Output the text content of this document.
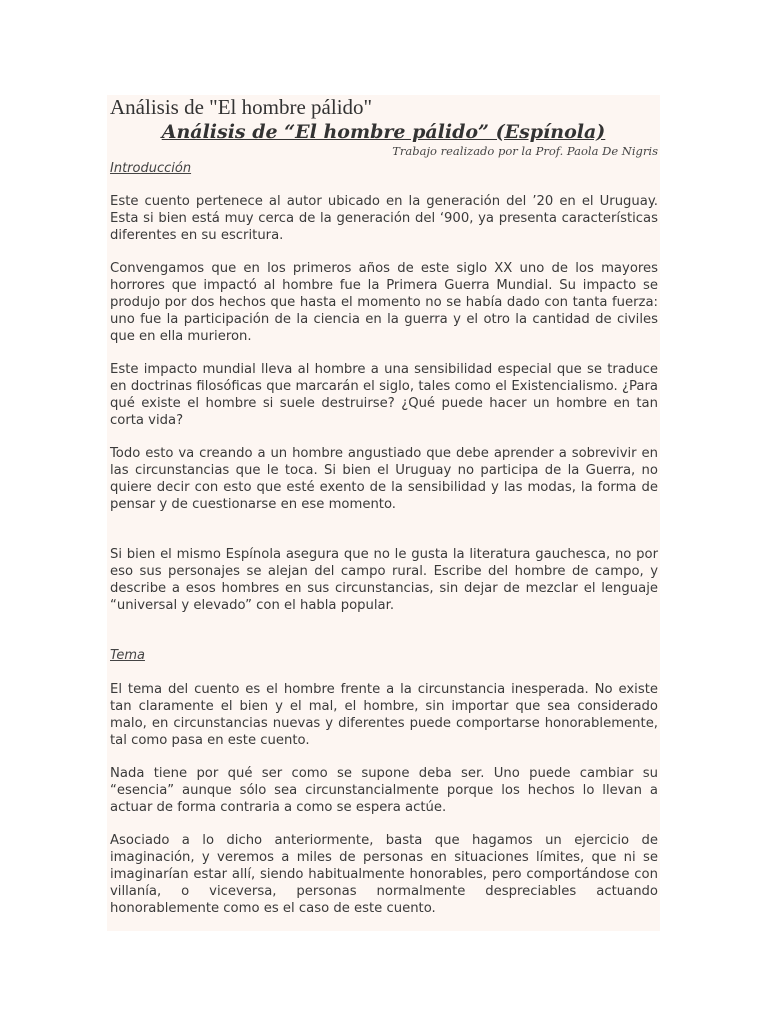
Análisis de "El hombre pálido"
Análisis de “El hombre pálido” (Espínola)
Trabajo realizado por la Prof. Paola De Nigris
Introducción

Este cuento pertenece al autor ubicado en la generación del ’20 en el Uruguay. Esta si bien está muy cerca de la generación del ‘900, ya presenta características diferentes en su escritura.

Convengamos que en los primeros años de este siglo XX uno de los mayores horrores que impactó al hombre fue la Primera Guerra Mundial. Su impacto se produjo por dos hechos que hasta el momento no se había dado con tanta fuerza: uno fue la participación de la ciencia en la guerra y el otro la cantidad de civiles que en ella murieron.

Este impacto mundial lleva al hombre a una sensibilidad especial que se traduce en doctrinas filosóficas que marcarán el siglo, tales como el Existencialismo. ¿Para qué existe el hombre si suele destruirse? ¿Qué puede hacer un hombre en tan corta vida?

Todo esto va creando a un hombre angustiado que debe aprender a sobrevivir en las circunstancias que le toca. Si bien el Uruguay no participa de la Guerra, no quiere decir con esto que esté exento de la sensibilidad y las modas, la forma de pensar y de cuestionarse en ese momento.

Si bien el mismo Espínola asegura que no le gusta la literatura gauchesca, no por eso sus personajes se alejan del campo rural. Escribe del hombre de campo, y describe a esos hombres en sus circunstancias, sin dejar de mezclar el lenguaje “universal y elevado” con el habla popular.

Tema

El tema del cuento es el hombre frente a la circunstancia inesperada. No existe tan claramente el bien y el mal, el hombre, sin importar que sea considerado malo, en circunstancias nuevas y diferentes puede comportarse honorablemente, tal como pasa en este cuento.

Nada tiene por qué ser como se supone deba ser. Uno puede cambiar su “esencia” aunque sólo sea circunstancialmente porque los hechos lo llevan a actuar de forma contraria a como se espera actúe.

Asociado a lo dicho anteriormente, basta que hagamos un ejercicio de imaginación, y veremos a miles de personas en situaciones límites, que ni se imaginarían estar allí, siendo habitualmente honorables, pero comportándose con villanía, o viceversa, personas normalmente despreciables actuando honorablemente como es el caso de este cuento.
